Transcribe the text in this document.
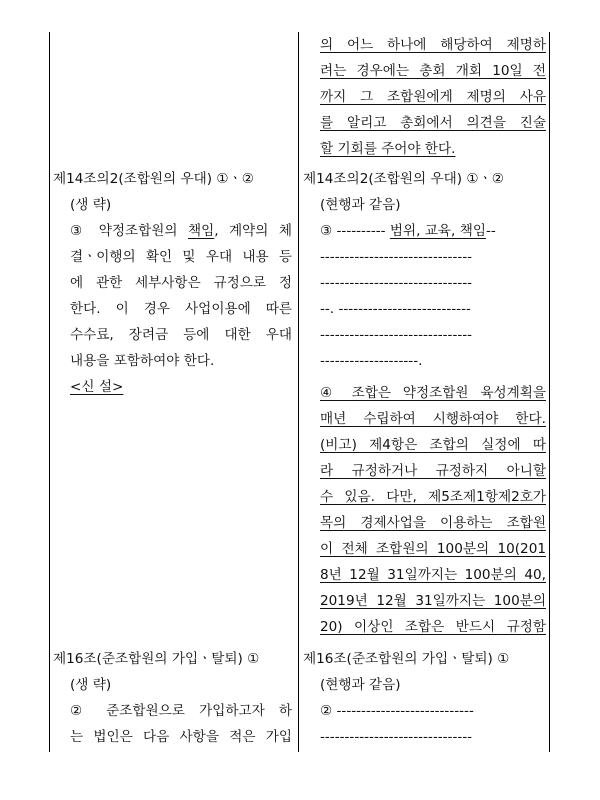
제14조의2(조합원의 우대) ①ㆍ②
(생 략)
③ 약정조합원의 책임, 계약의 체
결ㆍ이행의 확인 및 우대 내용 등
에 관한 세부사항은 규정으로 정
한다. 이 경우 사업이용에 따른
수수료, 장려금 등에 대한 우대
내용을 포함하여야 한다.
<신 설>
제16조(준조합원의 가입ㆍ탈퇴) ①
(생 략)
② 준조합원으로 가입하고자 하
는 법인은 다음 사항을 적은 가입
의 어느 하나에 해당하여 제명하
려는 경우에는 총회 개회 10일 전
까지 그 조합원에게 제명의 사유
를 알리고 총회에서 의견을 진술
할 기회를 주어야 한다.
제14조의2(조합원의 우대) ①ㆍ②
(현행과 같음)
③ ---------- 범위, 교육, 책임--
-------------------------------
-------------------------------
--. ---------------------------
-------------------------------
--------------------.
④ 조합은 약정조합원 육성계획을
매년 수립하여 시행하여야 한다.
(비고) 제4항은 조합의 실정에 따
라 규정하거나 규정하지 아니할
수 있음. 다만, 제5조제1항제2호가
목의 경제사업을 이용하는 조합원
이 전체 조합원의 100분의 10(201
8년 12월 31일까지는 100분의 40,
2019년 12월 31일까지는 100분의
20) 이상인 조합은 반드시 규정함
제16조(준조합원의 가입ㆍ탈퇴) ①
(현행과 같음)
② ----------------------------
-------------------------------
